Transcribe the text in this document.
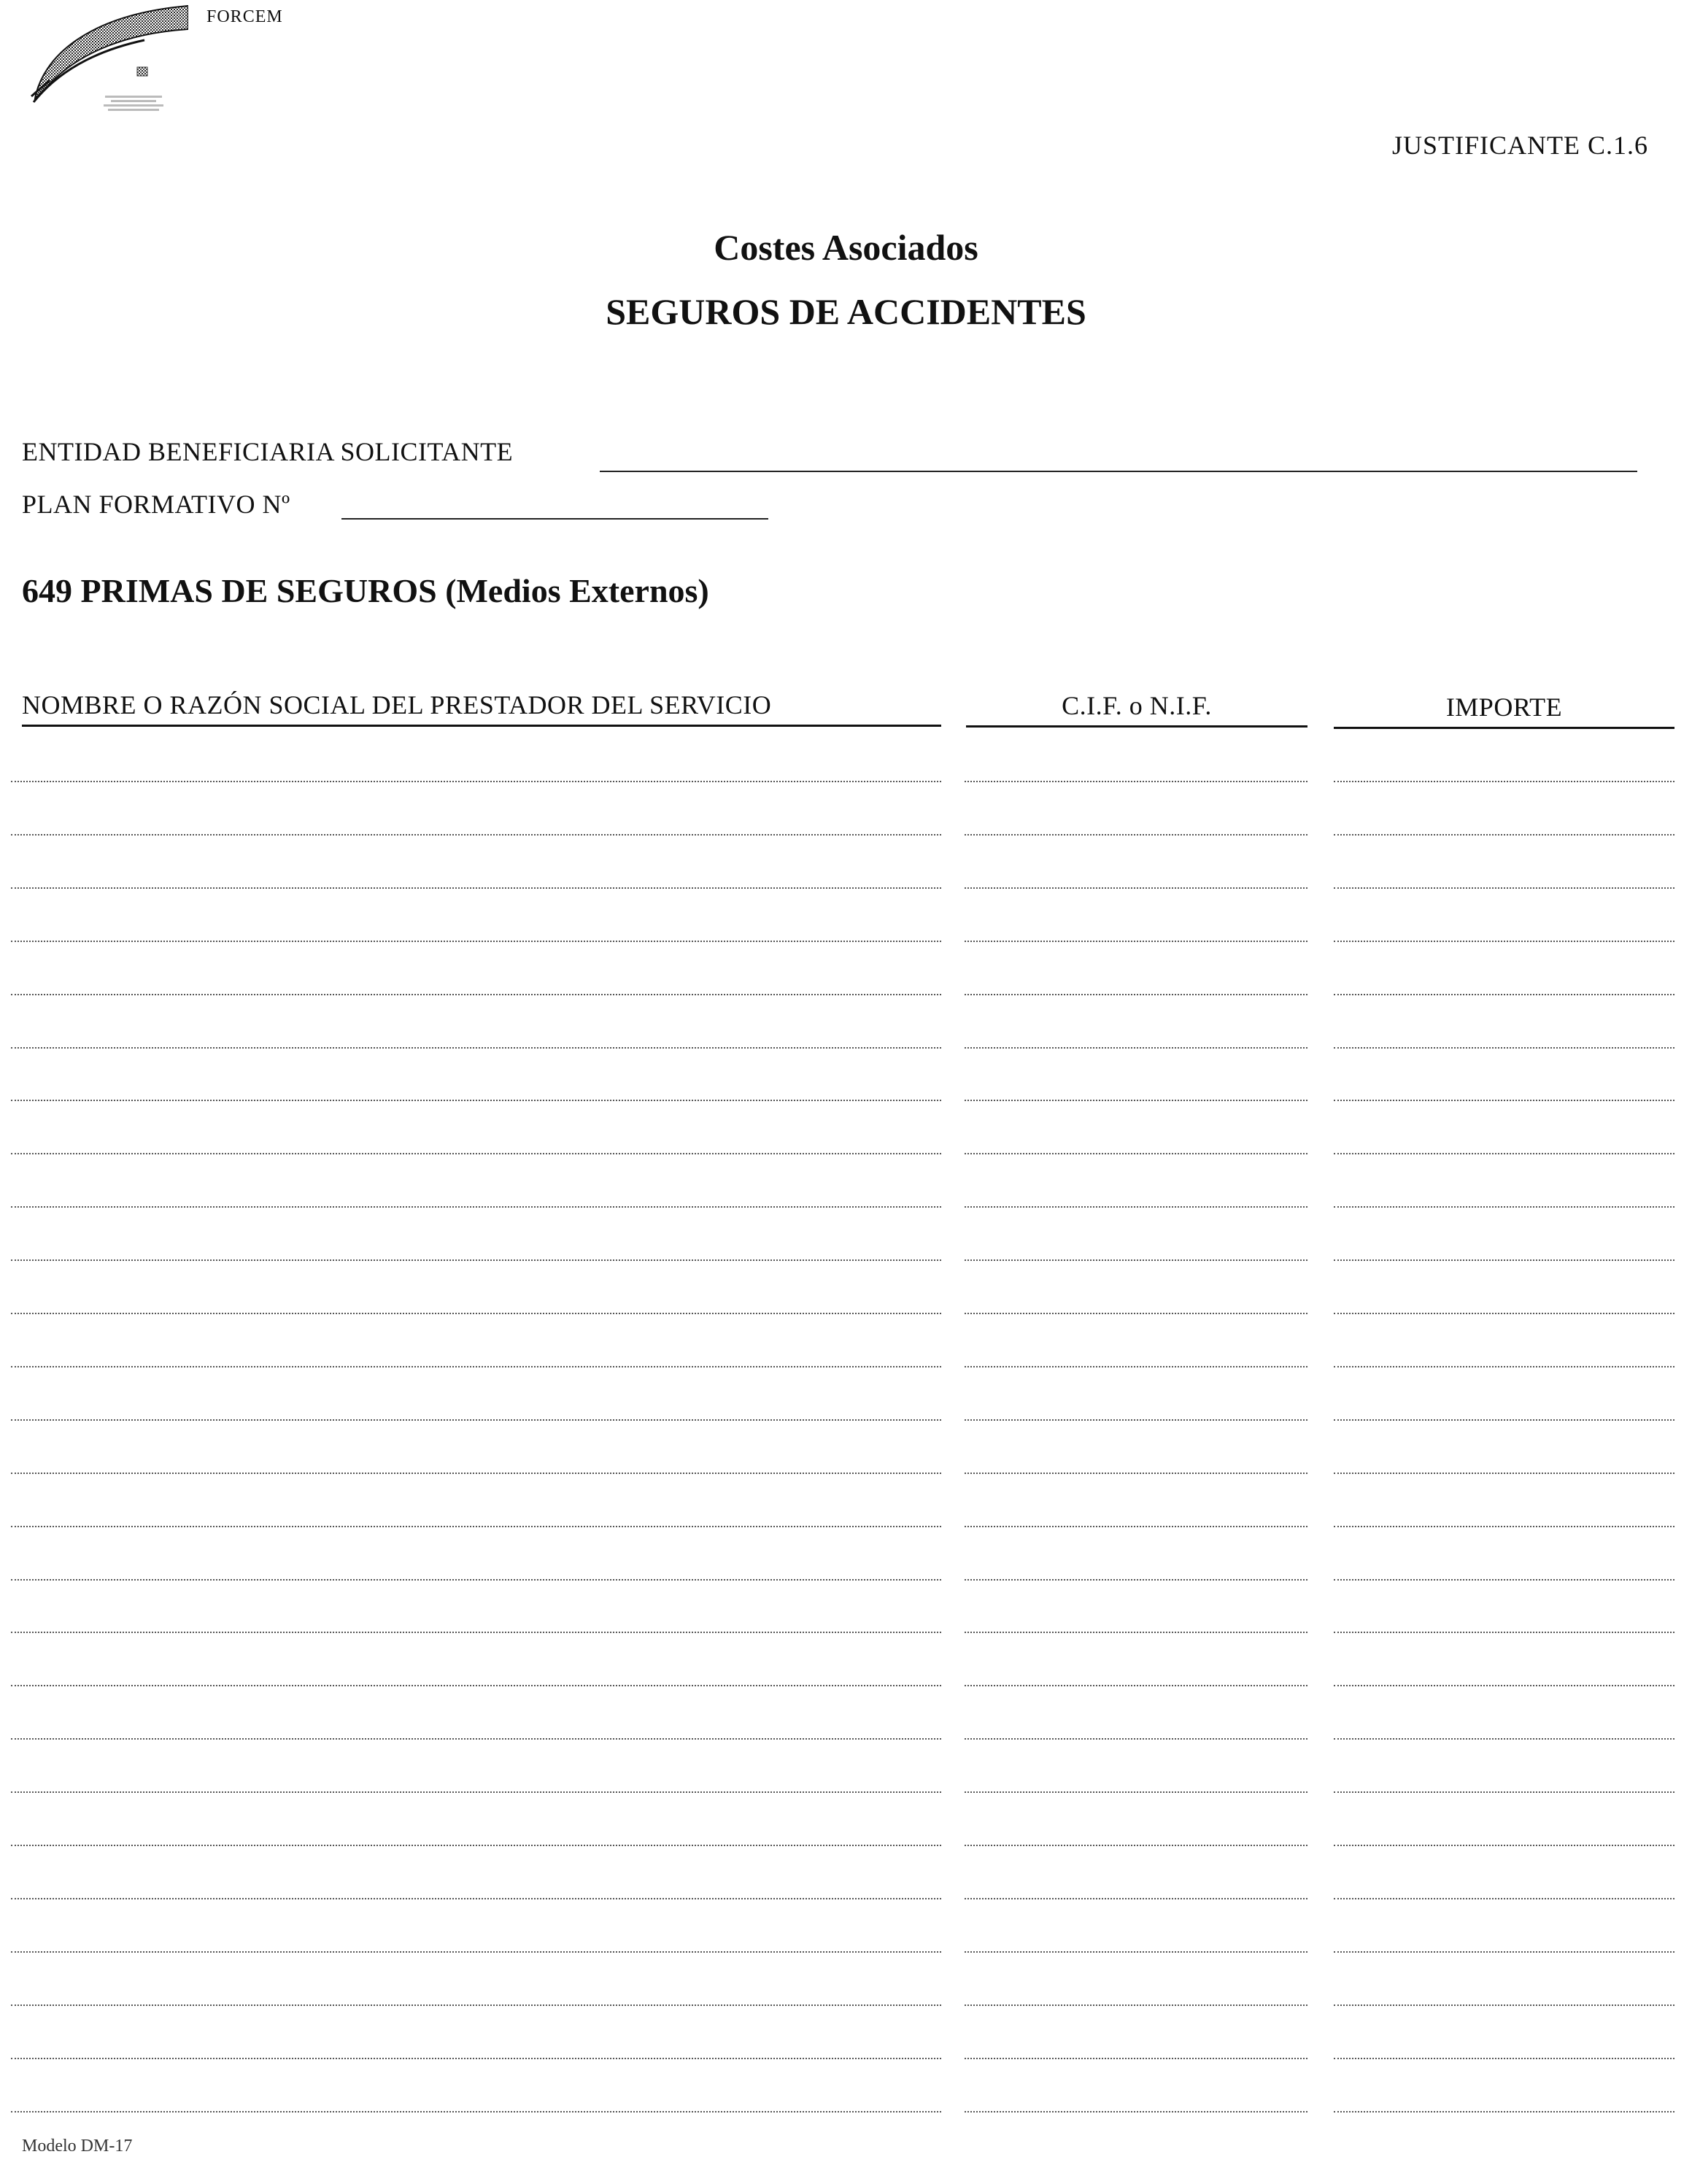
FORCEM
JUSTIFICANTE C.1.6
Costes Asociados
SEGUROS DE ACCIDENTES
ENTIDAD BENEFICIARIA SOLICITANTE
PLAN FORMATIVO Nº
649 PRIMAS DE SEGUROS (Medios Externos)
NOMBRE O RAZÓN SOCIAL DEL PRESTADOR DEL SERVICIO	C.I.F. o N.I.F.	IMPORTE
Modelo DM-17
